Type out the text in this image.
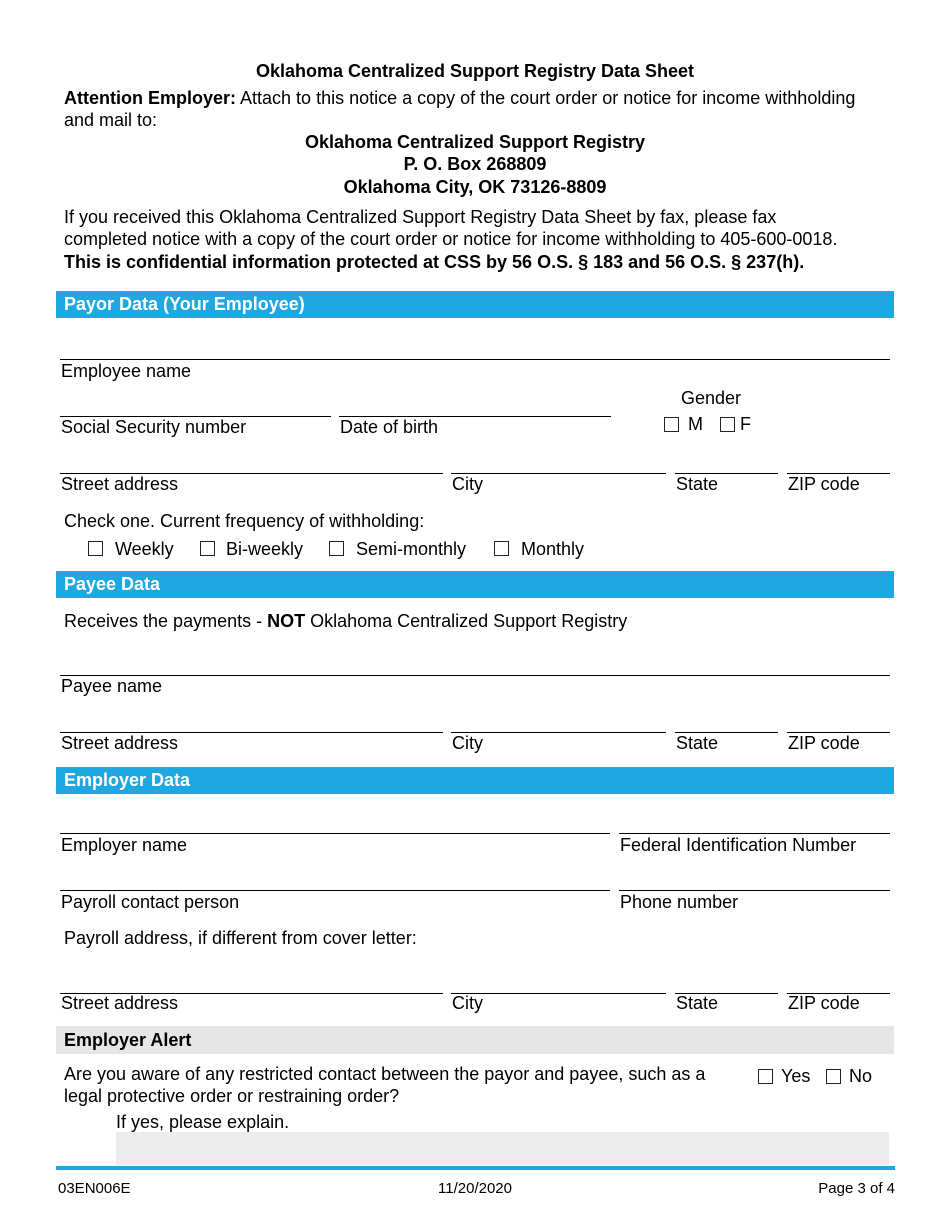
Oklahoma Centralized Support Registry Data Sheet
Attention Employer: Attach to this notice a copy of the court order or notice for income withholding
and mail to:
Oklahoma Centralized Support Registry
P. O. Box 268809
Oklahoma City, OK 73126-8809
If you received this Oklahoma Centralized Support Registry Data Sheet by fax, please fax
completed notice with a copy of the court order or notice for income withholding to 405-600-0018.
This is confidential information protected at CSS by 56 O.S. § 183 and 56 O.S. § 237(h).
Payor Data (Your Employee)
Employee name
Social Security number	Date of birth
Gender
M F
Street address	City	State	ZIP code
Check one. Current frequency of withholding:
Weekly	Bi-weekly	Semi-monthly	Monthly
Payee Data
Receives the payments - NOT Oklahoma Centralized Support Registry
Payee name
Street address	City	State	ZIP code
Employer Data
Employer name	Federal Identification Number
Payroll contact person	Phone number
Payroll address, if different from cover letter:
Street address	City	State	ZIP code
Employer Alert
Are you aware of any restricted contact between the payor and payee, such as a
legal protective order or restraining order?
Yes No
If yes, please explain.
03EN006E	11/20/2020	Page 3 of 4
